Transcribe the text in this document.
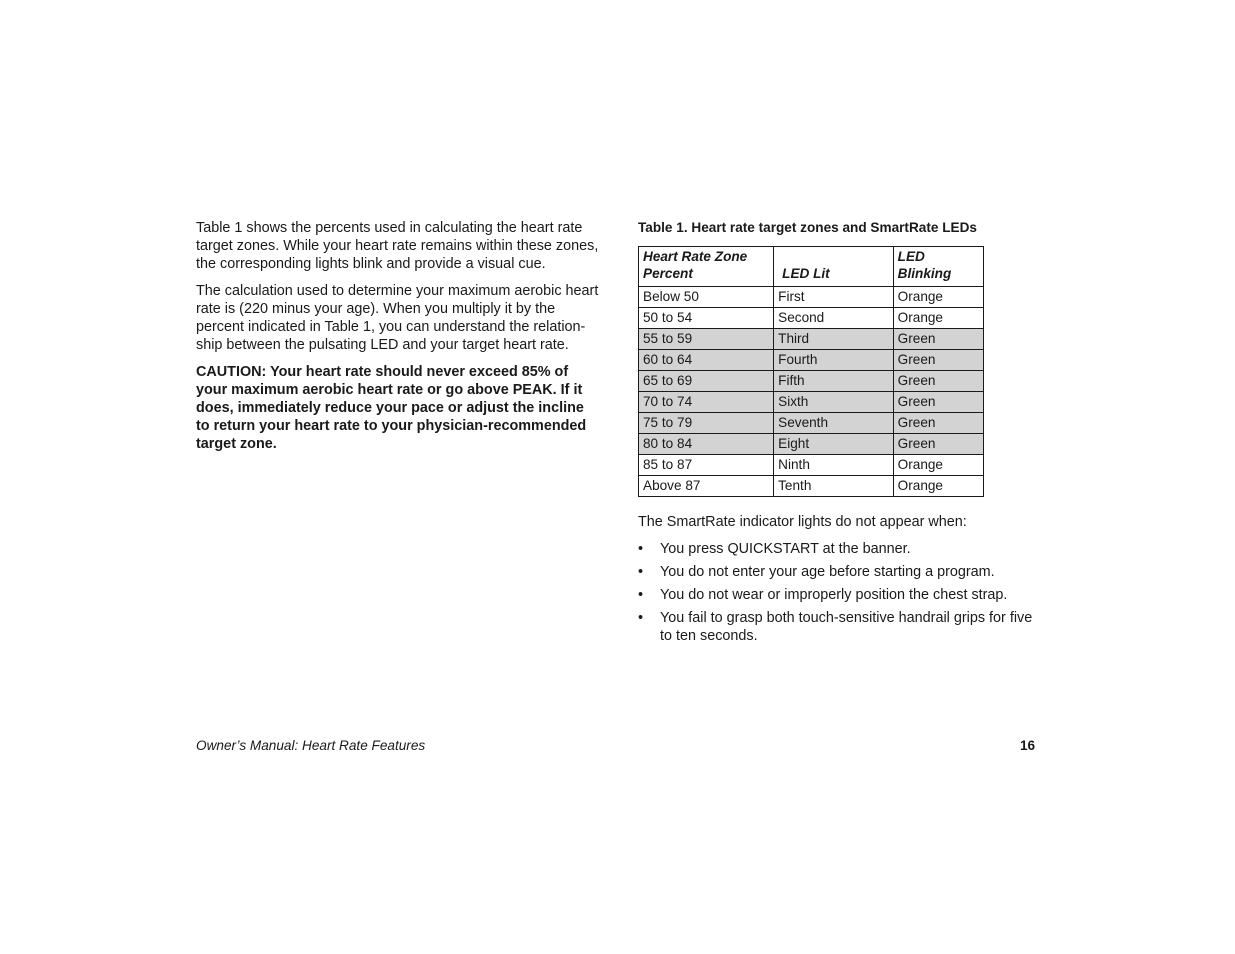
Table 1 shows the percents used in calculating the heart rate target zones. While your heart rate remains within these zones, the corresponding lights blink and provide a visual cue.

The calculation used to determine your maximum aerobic heart rate is (220 minus your age). When you multiply it by the percent indicated in Table 1, you can understand the relation-ship between the pulsating LED and your target heart rate.

CAUTION: Your heart rate should never exceed 85% of your maximum aerobic heart rate or go above PEAK. If it does, immediately reduce your pace or adjust the incline to return your heart rate to your physician-recommended target zone.

Table 1. Heart rate target zones and SmartRate LEDs
Heart Rate Zone
Percent	LED Lit	LED Blinking
Below 50	First	Orange
50 to 54	Second	Orange
55 to 59	Third	Green
60 to 64	Fourth	Green
65 to 69	Fifth	Green
70 to 74	Sixth	Green
75 to 79	Seventh	Green
80 to 84	Eight	Green
85 to 87	Ninth	Orange
Above 87	Tenth	Orange
The SmartRate indicator lights do not appear when:
• You press QUICKSTART at the banner.
• You do not enter your age before starting a program.
• You do not wear or improperly position the chest strap.
• You fail to grasp both touch-sensitive handrail grips for five to ten seconds.
Owner’s Manual: Heart Rate Features	16
